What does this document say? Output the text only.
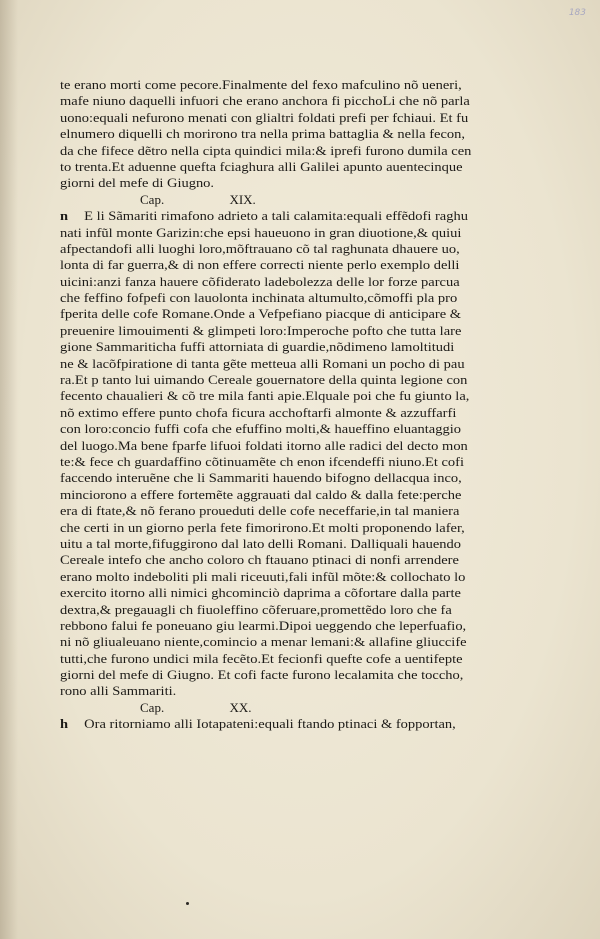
183
te erano morti come pecore.Finalmente del fexo mafculino nõ ueneri,
mafe niuno daquelli infuori che erano anchora fi picchoLi che nõ parla
uono:equali nefurono menati con glialtri foldati prefi per fchiaui. Et fu
elnumero diquelli ch morirono tra nella prima battaglia & nella fecon,
da che fifece dẽtro nella cipta quindici mila:& iprefi furono dumila cen
to trenta.Et aduenne quefta fciaghura alli Galilei apunto auentecinque
giorni del mefe di Giugno.
Cap.	XIX.
n E li Sãmariti rimafono adrieto a tali calamita:equali effẽdofi raghu
nati infũl monte Garizin:che epsi haueuono in gran diuotione,& quiui
afpectandofi alli luoghi loro,mõftrauano cõ tal raghunata dhauere uo,
lonta di far guerra,& di non effere correcti niente perlo exemplo delli
uicini:anzi fanza hauere cõfiderato ladebolezza delle lor forze parcua
che feffino fofpefi con lauolonta inchinata altumulto,cõmoffi pla pro
fperita delle cofe Romane.Onde a Vefpefiano piacque di anticipare &
preuenire limouimenti & glimpeti loro:Imperoche pofto che tutta lare
gione Sammariticha fuffi attorniata di guardie,nõdimeno lamoltitudi
ne & lacõfpiratione di tanta gẽte metteua alli Romani un pocho di pau
ra.Et p tanto lui uimando Cereale gouernatore della quinta legione con
fecento chaualieri & cõ tre mila fanti apie.Elquale poi che fu giunto la,
nõ extimo effere punto chofa ficura acchoftarfi almonte & azzuffarfi
con loro:concio fuffi cofa che efuffino molti,& haueffino eluantaggio
del luogo.Ma bene fparfe lifuoi foldati itorno alle radici del decto mon
te:& fece ch guardaffino cõtinuamẽte ch enon ifcendeffi niuno.Et cofi
faccendo interuẽne che li Sammariti hauendo bifogno dellacqua inco,
minciorono a effere fortemẽte aggrauati dal caldo & dalla fete:perche
era di ftate,& nõ ferano proueduti delle cofe neceffarie,in tal maniera
che certi in un giorno perla fete fimorirono.Et molti proponendo lafer,
uitu a tal morte,fifuggirono dal lato delli Romani. Dalliquali hauendo
Cereale intefo che ancho coloro ch ftauano ptinaci di nonfi arrendere
erano molto indeboliti pli mali riceuuti,fali infũl mõte:& collochato lo
exercito itorno alli nimici ghcominciò daprima a cõfortare dalla parte
dextra,& pregauagli ch fiuoleffino cõferuare,promettẽdo loro che fa
rebbono falui fe poneuano giu learmi.Dipoi ueggendo che leperfuafio,
ni nõ gliualeuano niente,comincio a menar lemani:& allafine gliuccife
tutti,che furono undici mila fecẽto.Et fecionfi quefte cofe a uentifepte
giorni del mefe di Giugno. Et cofi facte furono lecalamita che toccho,
rono alli Sammariti.
Cap.	XX.
h Ora ritorniamo alli Iotapateni:equali ftando ptinaci & fopportan,
